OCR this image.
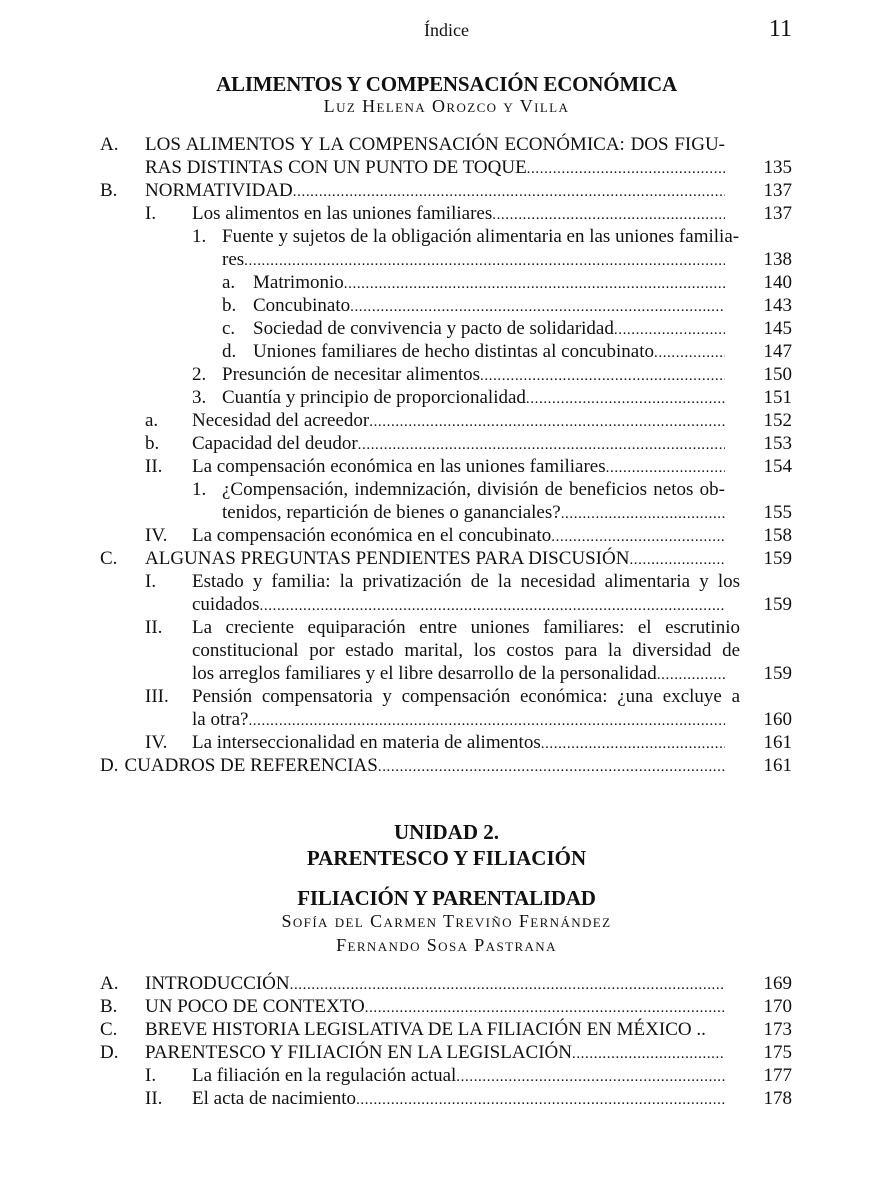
Índice	11
ALIMENTOS Y COMPENSACIÓN ECONÓMICA
Luz Helena Orozco y Villa
A. LOS ALIMENTOS Y LA COMPENSACIÓN ECONÓMICA: DOS FIGU-
RAS DISTINTAS CON UN PUNTO DE TOQUE .....	135
B. NORMATIVIDAD .....	137
I. Los alimentos en las uniones familiares .....	137
1. Fuente y sujetos de la obligación alimentaria en las uniones familia-
res .....	138
a. Matrimonio .....	140
b. Concubinato .....	143
c. Sociedad de convivencia y pacto de solidaridad .....	145
d. Uniones familiares de hecho distintas al concubinato .....	147
2. Presunción de necesitar alimentos .....	150
3. Cuantía y principio de proporcionalidad .....	151
a. Necesidad del acreedor .....	152
b. Capacidad del deudor .....	153
II. La compensación económica en las uniones familiares .....	154
1. ¿Compensación, indemnización, división de beneficios netos ob-
tenidos, repartición de bienes o gananciales? .....	155
IV. La compensación económica en el concubinato .....	158
C. ALGUNAS PREGUNTAS PENDIENTES PARA DISCUSIÓN .....	159
I. Estado y familia: la privatización de la necesidad alimentaria y los
cuidados .....	159
II. La creciente equiparación entre uniones familiares: el escrutinio
constitucional por estado marital, los costos para la diversidad de
los arreglos familiares y el libre desarrollo de la personalidad .....	159
III. Pensión compensatoria y compensación económica: ¿una excluye a
la otra? .....	160
IV. La interseccionalidad en materia de alimentos .....	161
D. CUADROS DE REFERENCIAS .....	161
UNIDAD 2.
PARENTESCO Y FILIACIÓN
FILIACIÓN Y PARENTALIDAD
Sofía del Carmen Treviño Fernández
Fernando Sosa Pastrana
A. INTRODUCCIÓN .....	169
B. UN POCO DE CONTEXTO .....	170
C. BREVE HISTORIA LEGISLATIVA DE LA FILIACIÓN EN MÉXICO ..	173
D. PARENTESCO Y FILIACIÓN EN LA LEGISLACIÓN .....	175
I. La filiación en la regulación actual .....	177
II. El acta de nacimiento .....	178
